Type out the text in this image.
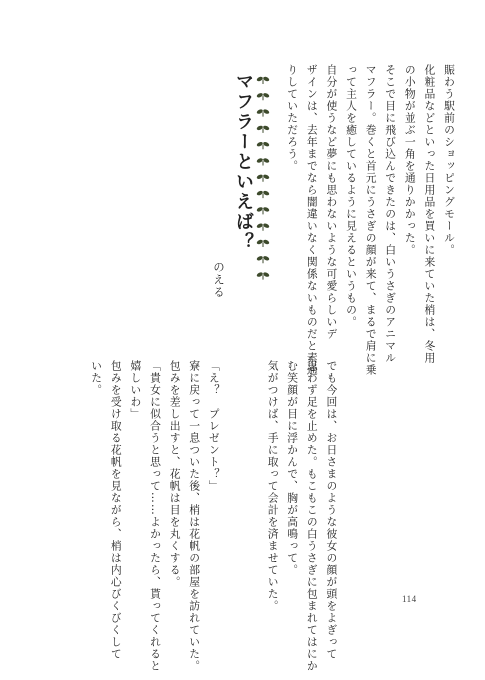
マフラーといえば？
のえる
賑わう駅前のショッピングモール。
化粧品などといった日用品を買いに来ていた梢は、冬用
の小物が並ぶ一角を通りかかった。
そこで目に飛び込んできたのは、白いうさぎのアニマル
マフラー。巻くと首元にうさぎの顔が来て、まるで肩に乗
って主人を癒しているように見えるというもの。
自分が使うなど夢にも思わないような可愛らしいデ
ザインは、去年までなら闇違いなく関係ないものだと素通
りしていただろう。
でも今回は、お日さまのような彼女の顔が頭をよぎって
思わず足を止めた。もこもこの白うさぎに包まれてはにか
む笑顔が目に浮かんで、胸が高鳴って。
気がつけば、手に取って会計を済ませていた。
「え？　プレゼント？」
寮に戻って一息ついた後、梢は花帆の部屋を訪れていた。
包みを差し出すと、花帆は目を丸くする。
「貴女に似合うと思って……よかったら、貰ってくれると
嬉しいわ」
包みを受け取る花帆を見ながら、梢は内心びくびくして
いた。
114
